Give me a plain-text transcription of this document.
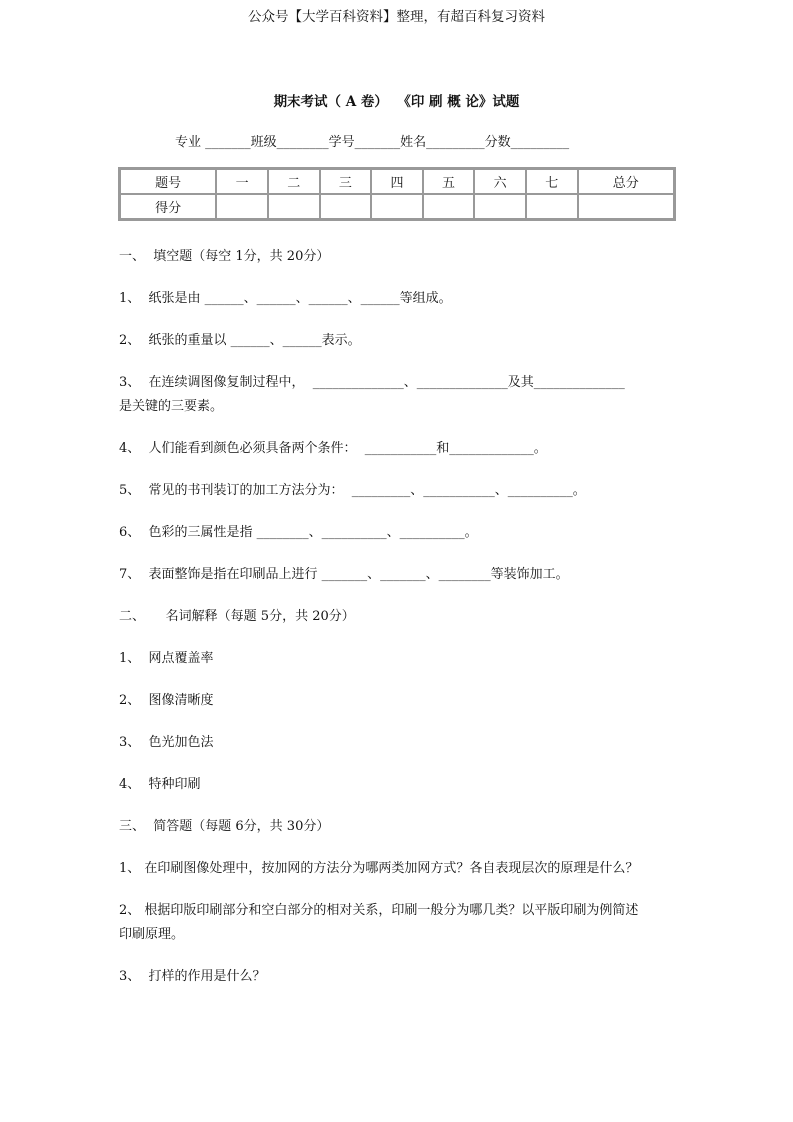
公众号【大学百科资料】整理，有超百科复习资料
期末考试（ A 卷）  《印 刷 概 论》试题
专业 _______班级________学号_______姓名_________分数_________
题号	一	二	三	四	五	六	七	总分
得分								
一、  填空题（每空 1分，共 20分）
1、  纸张是由 ______、______、______、______等组成。
2、  纸张的重量以 ______、______表示。
3、  在连续调图像复制过程中，  ______________、______________及其______________
是关键的三要素。
4、  人们能看到颜色必须具备两个条件：  ___________和_____________。
5、  常见的书刊装订的加工方法分为：  _________、___________、__________。
6、  色彩的三属性是指 ________、__________、__________。
7、  表面整饰是指在印刷品上进行 _______、_______、________等装饰加工。
二、     名词解释（每题 5分，共 20分）
1、  网点覆盖率
2、  图像清晰度
3、  色光加色法
4、  特种印刷
三、  简答题（每题 6分，共 30分）
1、 在印刷图像处理中，按加网的方法分为哪两类加网方式？各自表现层次的原理是什么？
2、 根据印版印刷部分和空白部分的相对关系，印刷一般分为哪几类？以平版印刷为例简述
印刷原理。
3、  打样的作用是什么？
